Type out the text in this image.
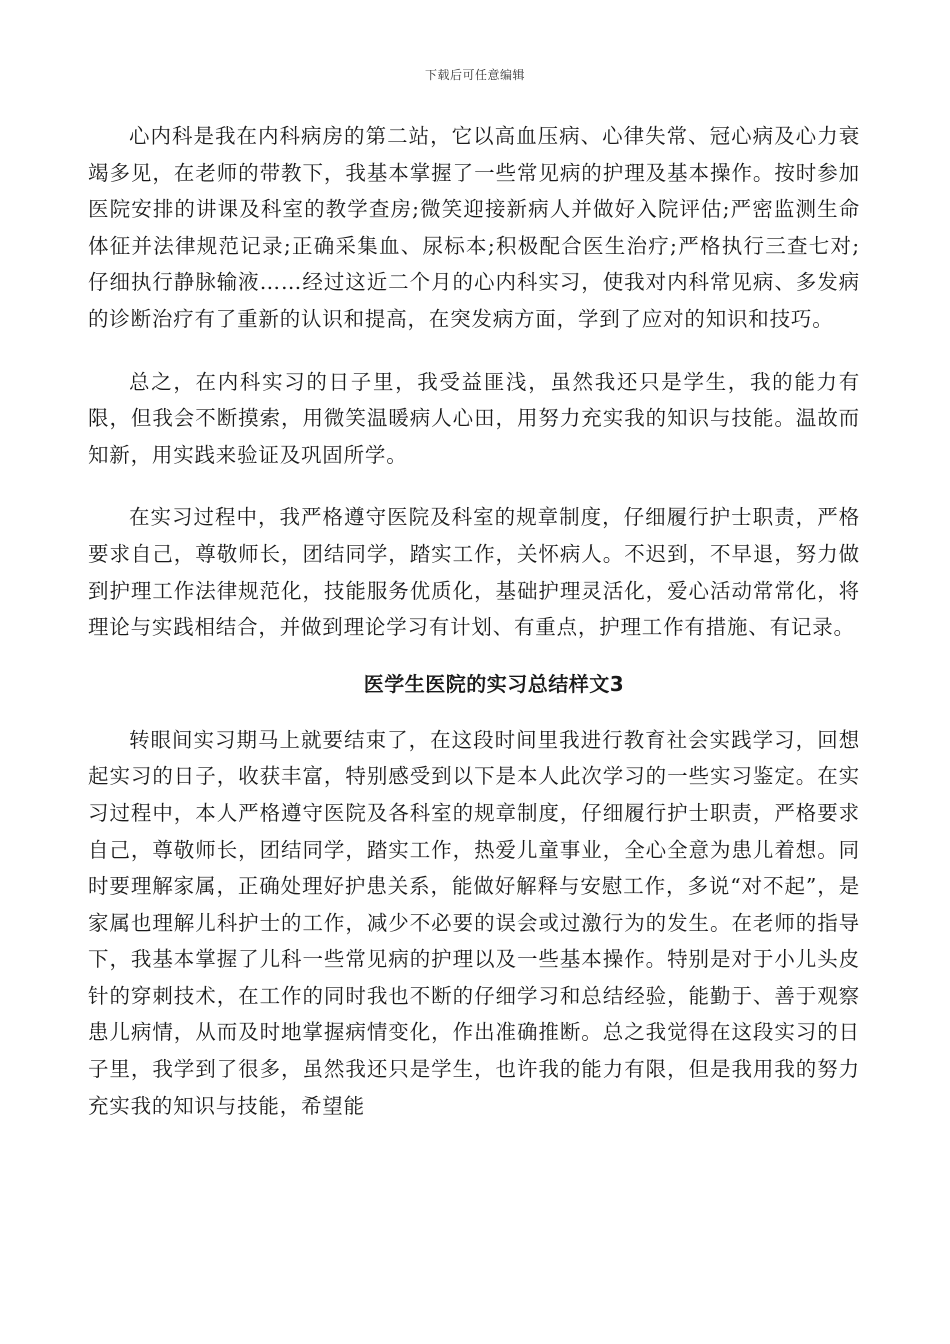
下载后可任意编辑

心内科是我在内科病房的第二站，它以高血压病、心律失常、冠心病及心力衰竭多见，在老师的带教下，我基本掌握了一些常见病的护理及基本操作。按时参加医院安排的讲课及科室的教学查房;微笑迎接新病人并做好入院评估;严密监测生命体征并法律规范记录;正确采集血、尿标本;积极配合医生治疗;严格执行三查七对;仔细执行静脉输液……经过这近二个月的心内科实习，使我对内科常见病、多发病的诊断治疗有了重新的认识和提高，在突发病方面，学到了应对的知识和技巧。

总之，在内科实习的日子里，我受益匪浅，虽然我还只是学生，我的能力有限，但我会不断摸索，用微笑温暖病人心田，用努力充实我的知识与技能。温故而知新，用实践来验证及巩固所学。

在实习过程中，我严格遵守医院及科室的规章制度，仔细履行护士职责，严格要求自己，尊敬师长，团结同学，踏实工作，关怀病人。不迟到，不早退，努力做到护理工作法律规范化，技能服务优质化，基础护理灵活化，爱心活动常常化，将理论与实践相结合，并做到理论学习有计划、有重点，护理工作有措施、有记录。

医学生医院的实习总结样文3

转眼间实习期马上就要结束了，在这段时间里我进行教育社会实践学习，回想起实习的日子，收获丰富，特别感受到以下是本人此次学习的一些实习鉴定。在实习过程中，本人严格遵守医院及各科室的规章制度，仔细履行护士职责，严格要求自己，尊敬师长，团结同学，踏实工作，热爱儿童事业，全心全意为患儿着想。同时要理解家属，正确处理好护患关系，能做好解释与安慰工作，多说“对不起”，是家属也理解儿科护士的工作，减少不必要的误会或过激行为的发生。在老师的指导下，我基本掌握了儿科一些常见病的护理以及一些基本操作。特别是对于小儿头皮针的穿刺技术，在工作的同时我也不断的仔细学习和总结经验，能勤于、善于观察患儿病情，从而及时地掌握病情变化，作出准确推断。总之我觉得在这段实习的日子里，我学到了很多，虽然我还只是学生，也许我的能力有限，但是我用我的努力充实我的知识与技能，希望能
